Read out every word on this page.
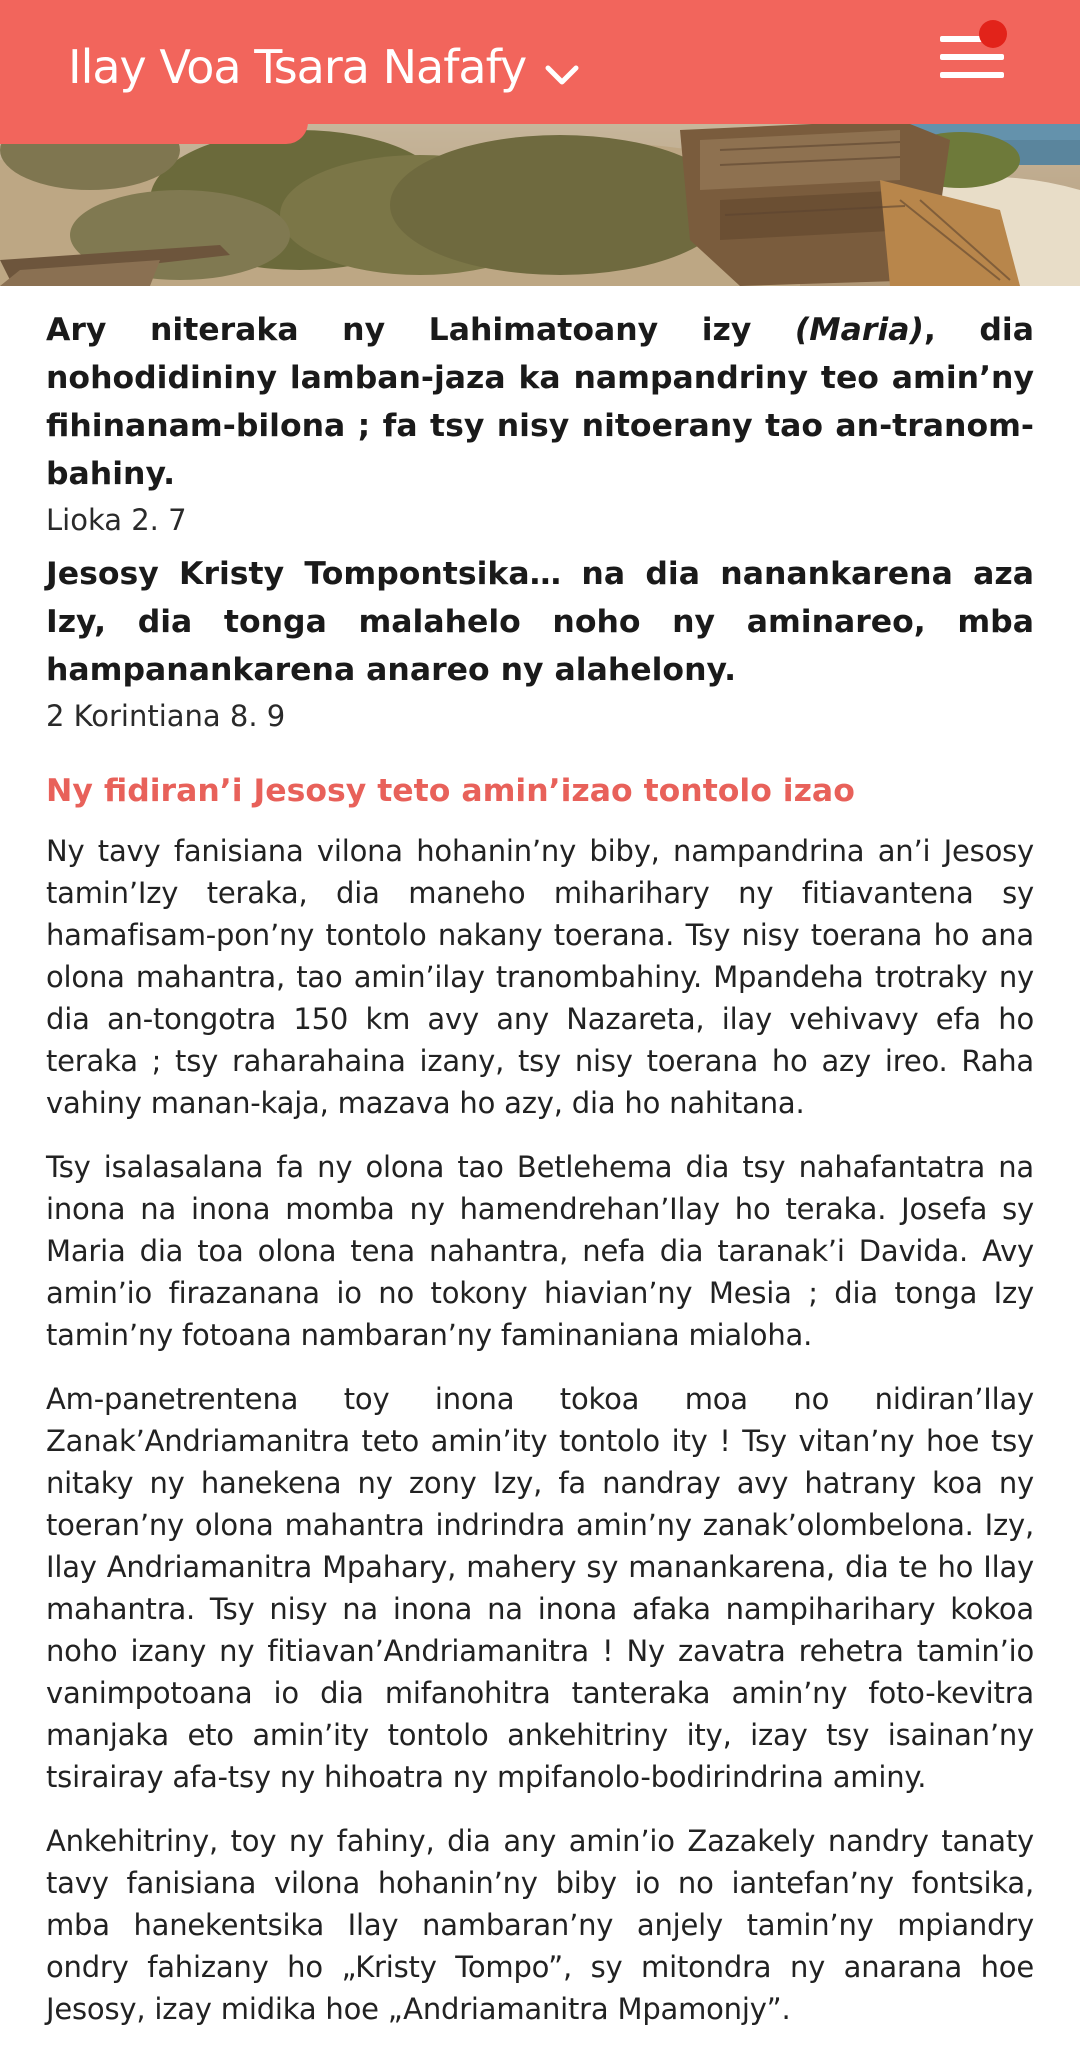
Ilay Voa Tsara Nafafy

Ary niteraka ny Lahimatoany izy (Maria), dia nohodidininy lamban-jaza ka nampandriny teo amin’ny fihinanam-bilona ; fa tsy nisy nitoerany tao an-tranom-bahiny.

Lioka 2. 7

Jesosy Kristy Tompontsika… na dia nanankarena aza Izy, dia tonga malahelo noho ny aminareo, mba hampanankarena anareo ny alahelony.

2 Korintiana 8. 9

Ny fidiran’i Jesosy teto amin’izao tontolo izao

Ny tavy fanisiana vilona hohanin’ny biby, nampandrina an’i Jesosy tamin’Izy teraka, dia maneho miharihary ny fitiavantena sy hamafisam-pon’ny tontolo nakany toerana. Tsy nisy toerana ho ana olona mahantra, tao amin’ilay tranombahiny. Mpandeha trotraky ny dia an-tongotra 150 km avy any Nazareta, ilay vehivavy efa ho teraka ; tsy raharahaina izany, tsy nisy toerana ho azy ireo. Raha vahiny manan-kaja, mazava ho azy, dia ho nahitana.

Tsy isalasalana fa ny olona tao Betlehema dia tsy nahafantatra na inona na inona momba ny hamendrehan’Ilay ho teraka. Josefa sy Maria dia toa olona tena nahantra, nefa dia taranak’i Davida. Avy amin’io firazanana io no tokony hiavian’ny Mesia ; dia tonga Izy tamin’ny fotoana nambaran’ny faminaniana mialoha.

Am-panetrentena toy inona tokoa moa no nidiran’Ilay Zanak’Andriamanitra teto amin’ity tontolo ity ! Tsy vitan’ny hoe tsy nitaky ny hanekena ny zony Izy, fa nandray avy hatrany koa ny toeran’ny olona mahantra indrindra amin’ny zanak’olombelona. Izy, Ilay Andriamanitra Mpahary, mahery sy manankarena, dia te ho Ilay mahantra. Tsy nisy na inona na inona afaka nampiharihary kokoa noho izany ny fitiavan’Andriamanitra ! Ny zavatra rehetra tamin’io vanimpotoana io dia mifanohitra tanteraka amin’ny foto-kevitra manjaka eto amin’ity tontolo ankehitriny ity, izay tsy isainan’ny tsirairay afa-tsy ny hihoatra ny mpifanolo-bodirindrina aminy.

Ankehitriny, toy ny fahiny, dia any amin’io Zazakely nandry tanaty tavy fanisiana vilona hohanin’ny biby io no iantefan’ny fontsika, mba hanekentsika Ilay nambaran’ny anjely tamin’ny mpiandry ondry fahizany ho „Kristy Tompo”, sy mitondra ny anarana hoe Jesosy, izay midika hoe „Andriamanitra Mpamonjy”.
